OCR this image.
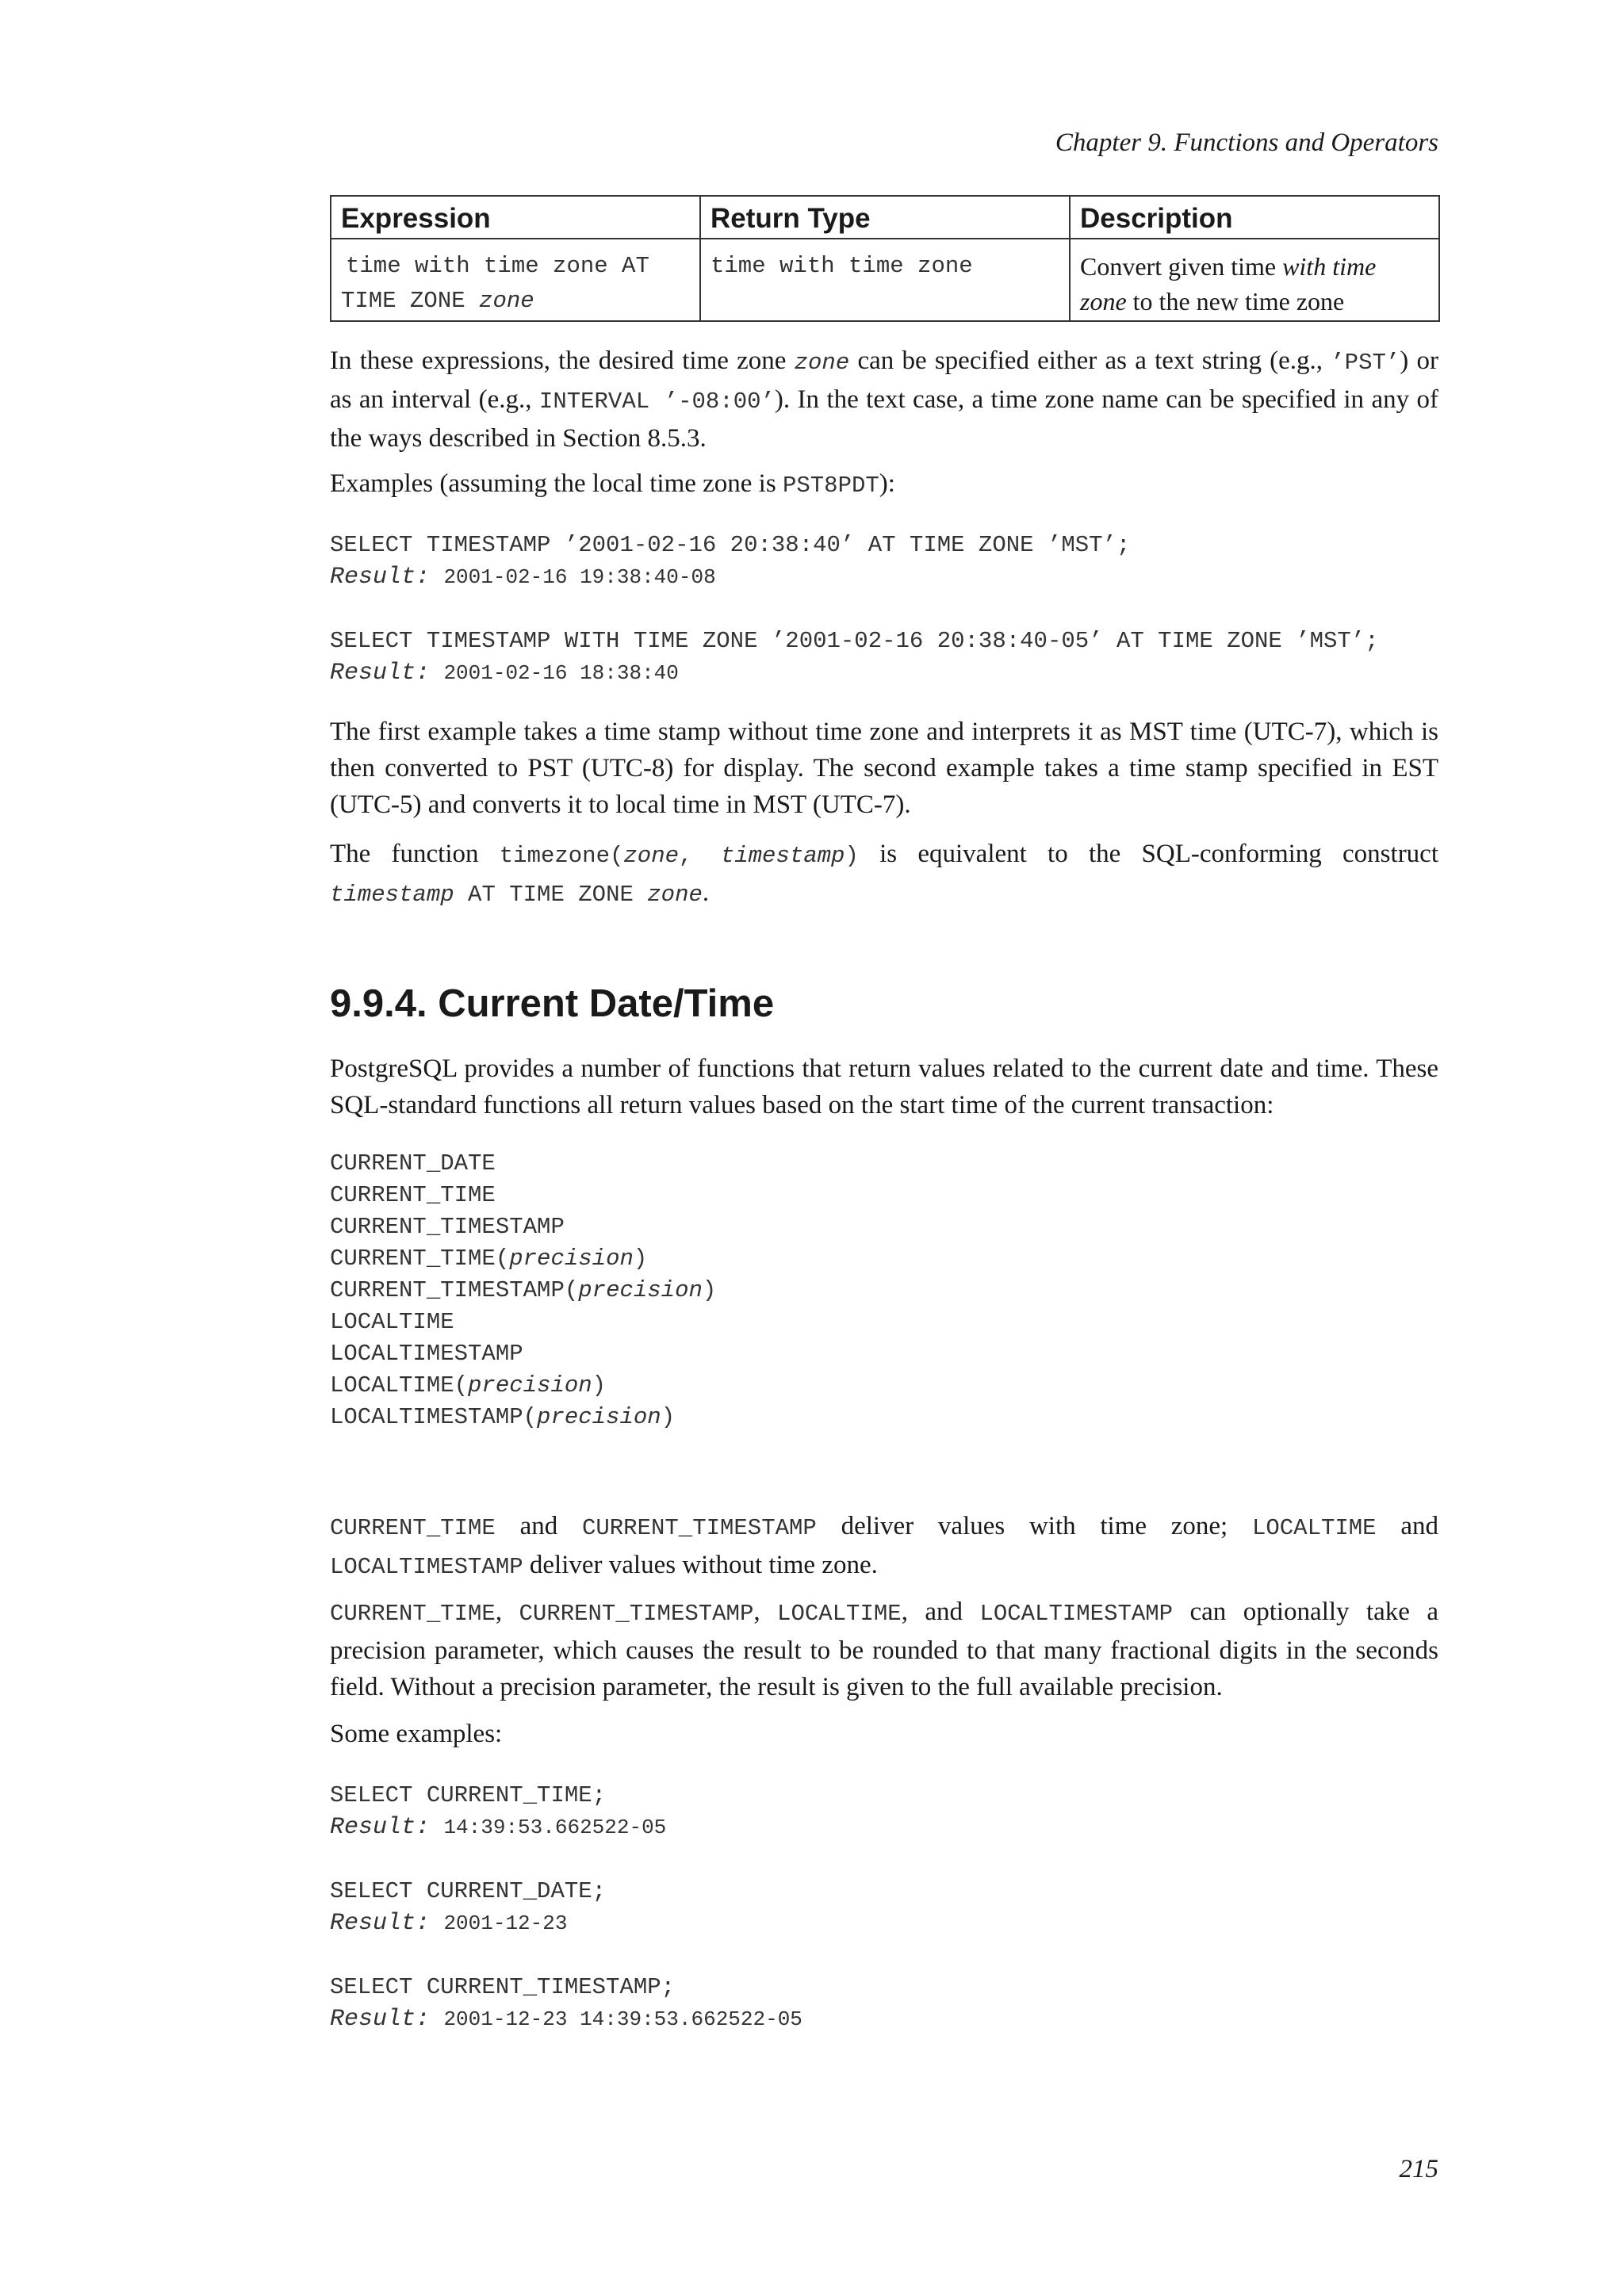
Chapter 9. Functions and Operators
Expression	Return Type	Description
time with time zone AT
TIME ZONE zone	time with time zone	Convert given time with time
zone to the new time zone

In these expressions, the desired time zone zone can be specified either as a text string (e.g., ’PST’) or as an interval (e.g., INTERVAL ’-08:00’). In the text case, a time zone name can be specified in any of the ways described in Section 8.5.3.

Examples (assuming the local time zone is PST8PDT):

SELECT TIMESTAMP ’2001-02-16 20:38:40’ AT TIME ZONE ’MST’;
Result: 2001-02-16 19:38:40-08
SELECT TIMESTAMP WITH TIME ZONE ’2001-02-16 20:38:40-05’ AT TIME ZONE ’MST’;
Result: 2001-02-16 18:38:40

The first example takes a time stamp without time zone and interprets it as MST time (UTC-7), which is then converted to PST (UTC-8) for display. The second example takes a time stamp specified in EST (UTC-5) and converts it to local time in MST (UTC-7).

The function timezone(zone, timestamp) is equivalent to the SQL-conforming construct timestamp AT TIME ZONE zone.

9.9.4. Current Date/Time

PostgreSQL provides a number of functions that return values related to the current date and time. These SQL-standard functions all return values based on the start time of the current transaction:

CURRENT_DATE
CURRENT_TIME
CURRENT_TIMESTAMP
CURRENT_TIME(precision)
CURRENT_TIMESTAMP(precision)
LOCALTIME
LOCALTIMESTAMP
LOCALTIME(precision)
LOCALTIMESTAMP(precision)

CURRENT_TIME and CURRENT_TIMESTAMP deliver values with time zone; LOCALTIME and LOCALTIMESTAMP deliver values without time zone.

CURRENT_TIME, CURRENT_TIMESTAMP, LOCALTIME, and LOCALTIMESTAMP can optionally take a precision parameter, which causes the result to be rounded to that many fractional digits in the seconds field. Without a precision parameter, the result is given to the full available precision.

Some examples:

SELECT CURRENT_TIME;
Result: 14:39:53.662522-05
SELECT CURRENT_DATE;
Result: 2001-12-23
SELECT CURRENT_TIMESTAMP;
Result: 2001-12-23 14:39:53.662522-05
215
